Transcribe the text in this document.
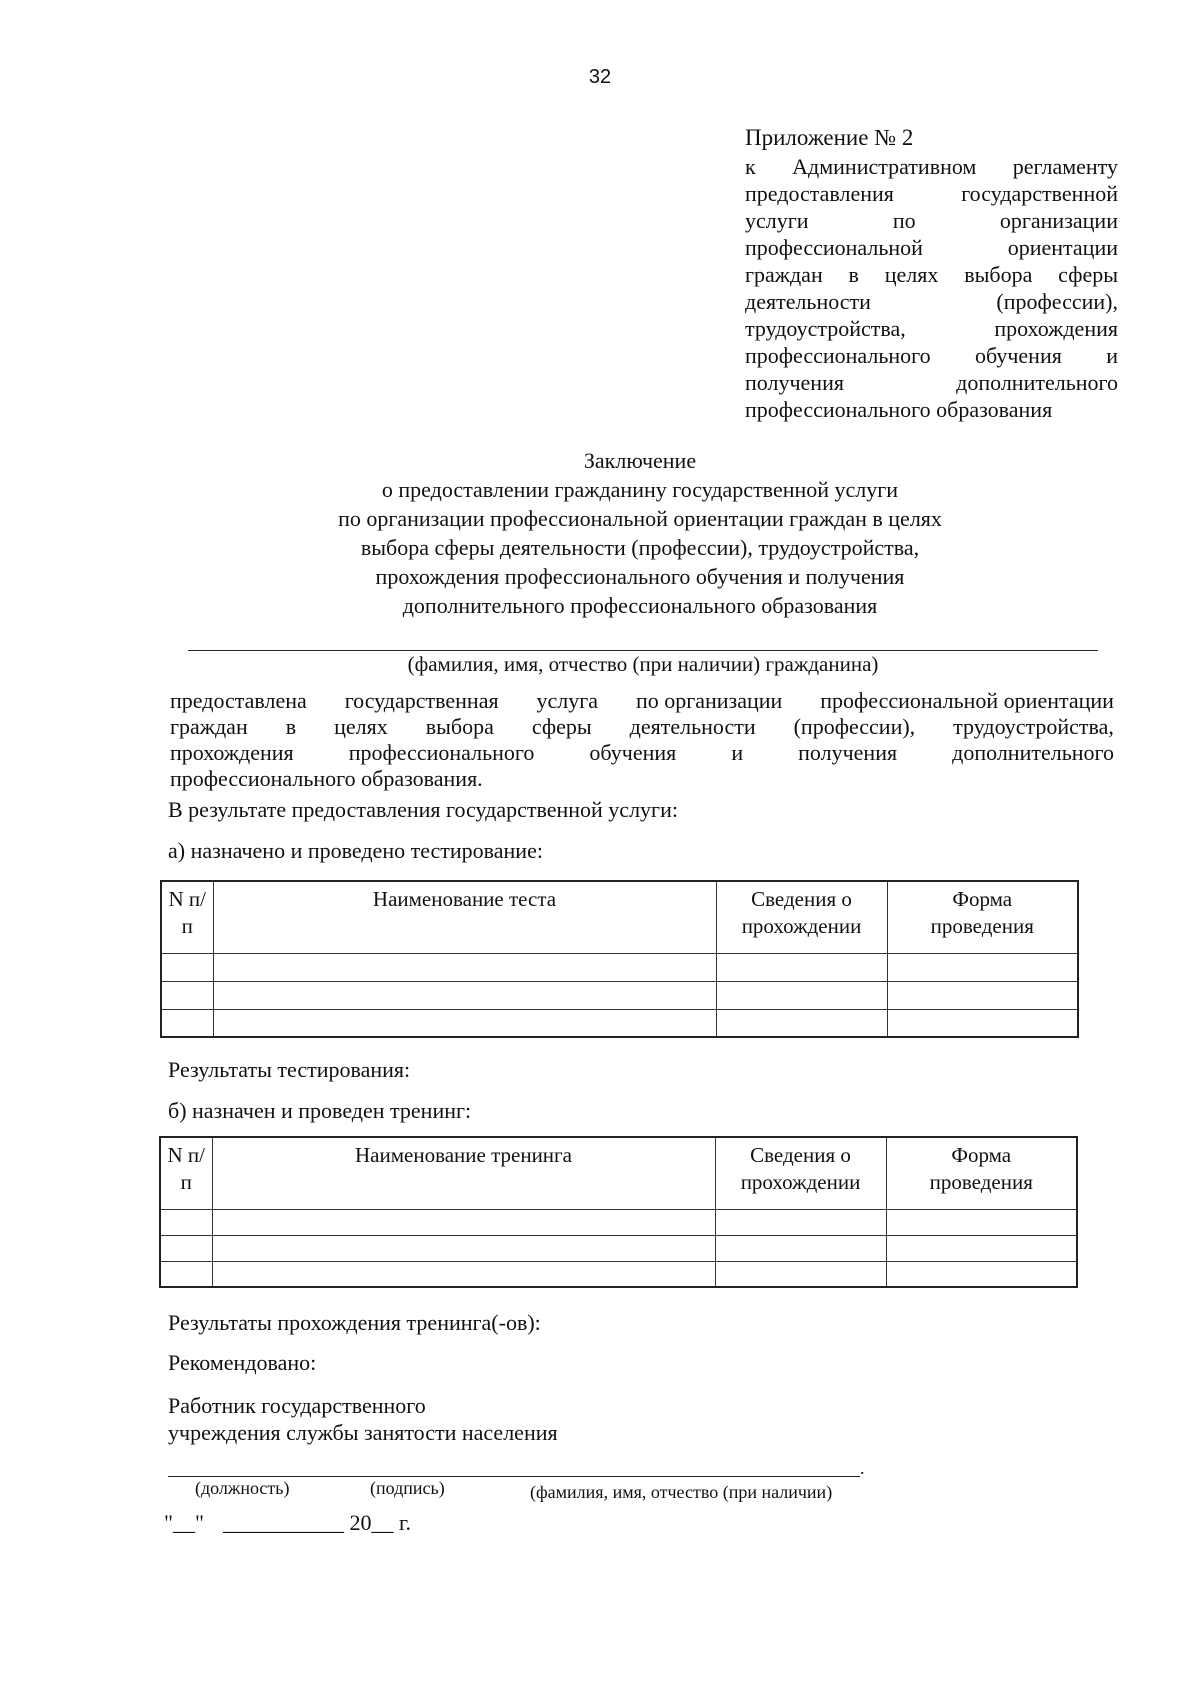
32
Приложение № 2
к Административном регламенту
предоставления	государственной
услуги	по	организации
профессиональной	ориентации
граждан в целях выбора сферы
деятельности	(профессии),
трудоустройства,	прохождения
профессионального обучения и
получения	дополнительного
профессионального образования
Заключение
о предоставлении гражданину государственной услуги
по организации профессиональной ориентации граждан в целях
выбора сферы деятельности (профессии), трудоустройства,
прохождения профессионального обучения и получения
дополнительного профессионального образования
(фамилия, имя, отчество (при наличии) гражданина)
предоставлена государственная услуга по организации профессиональной ориентации
граждан в целях выбора сферы деятельности (профессии), трудоустройства,
прохождения	профессионального	обучения	и	получения	дополнительного
профессионального образования.
В результате предоставления государственной услуги:
а) назначено и проведено тестирование:
N п/п	Наименование теста	Сведения о прохождении	Форма проведения

Результаты тестирования:
б) назначен и проведен тренинг:
N п/п	Наименование тренинга	Сведения о прохождении	Форма проведения

Результаты прохождения тренинга(-ов):
Рекомендовано:
Работник государственного
учреждения службы занятости населения
.
(должность)	(подпись)	(фамилия, имя, отчество (при наличии)
"__" ___________ 20__ г.
